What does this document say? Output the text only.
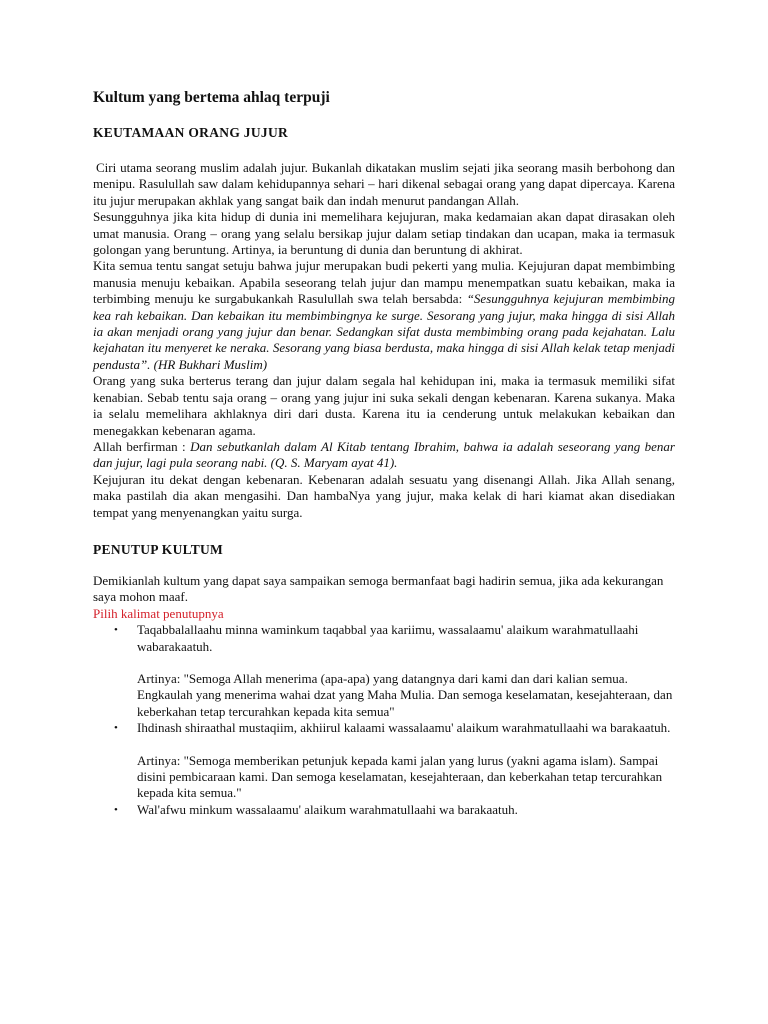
Kultum yang bertema ahlaq terpuji
KEUTAMAAN ORANG JUJUR

Ciri utama seorang muslim adalah jujur. Bukanlah dikatakan muslim sejati jika seorang masih berbohong dan menipu. Rasulullah saw dalam kehidupannya sehari – hari dikenal sebagai orang yang dapat dipercaya. Karena itu jujur merupakan akhlak yang sangat baik dan indah menurut pandangan Allah.

Sesungguhnya jika kita hidup di dunia ini memelihara kejujuran, maka kedamaian akan dapat dirasakan oleh umat manusia. Orang – orang yang selalu bersikap jujur dalam setiap tindakan dan ucapan, maka ia termasuk golongan yang beruntung. Artinya, ia beruntung di dunia dan beruntung di akhirat.

Kita semua tentu sangat setuju bahwa jujur merupakan budi pekerti yang mulia. Kejujuran dapat membimbing manusia menuju kebaikan. Apabila seseorang telah jujur dan mampu menempatkan suatu kebaikan, maka ia terbimbing menuju ke surgabukankah Rasulullah swa telah bersabda: “Sesungguhnya kejujuran membimbing kea rah kebaikan. Dan kebaikan itu membimbingnya ke surge. Sesorang yang jujur, maka hingga di sisi Allah ia akan menjadi orang yang jujur dan benar. Sedangkan sifat dusta membimbing orang pada kejahatan. Lalu kejahatan itu menyeret ke neraka. Sesorang yang biasa berdusta, maka hingga di sisi Allah kelak tetap menjadi pendusta”. (HR Bukhari Muslim)

Orang yang suka berterus terang dan jujur dalam segala hal kehidupan ini, maka ia termasuk memiliki sifat kenabian. Sebab tentu saja orang – orang yang jujur ini suka sekali dengan kebenaran. Karena sukanya. Maka ia selalu memelihara akhlaknya diri dari dusta. Karena itu ia cenderung untuk melakukan kebaikan dan menegakkan kebenaran agama.

Allah berfirman : Dan sebutkanlah dalam Al Kitab tentang Ibrahim, bahwa ia adalah seseorang yang benar dan jujur, lagi pula seorang nabi. (Q. S. Maryam ayat 41).

Kejujuran itu dekat dengan kebenaran. Kebenaran adalah sesuatu yang disenangi Allah. Jika Allah senang, maka pastilah dia akan mengasihi. Dan hambaNya yang jujur, maka kelak di hari kiamat akan disediakan tempat yang menyenangkan yaitu surga.

PENUTUP KULTUM

Demikianlah kultum yang dapat saya sampaikan semoga bermanfaat bagi hadirin semua, jika ada kekurangan saya mohon maaf.

Pilih kalimat penutupnya
• Taqabbalallaahu minna waminkum taqabbal yaa kariimu, wassalaamu' alaikum warahmatullaahi wabarakaatuh.
Artinya: "Semoga Allah menerima (apa-apa) yang datangnya dari kami dan dari kalian semua. Engkaulah yang menerima wahai dzat yang Maha Mulia. Dan semoga keselamatan, kesejahteraan, dan keberkahan tetap tercurahkan kepada kita semua"
• Ihdinash shiraathal mustaqiim, akhiirul kalaami wassalaamu' alaikum warahmatullaahi wa barakaatuh.
Artinya: "Semoga memberikan petunjuk kepada kami jalan yang lurus (yakni agama islam). Sampai disini pembicaraan kami. Dan semoga keselamatan, kesejahteraan, dan keberkahan tetap tercurahkan kepada kita semua."
• Wal'afwu minkum wassalaamu' alaikum warahmatullaahi wa barakaatuh.
